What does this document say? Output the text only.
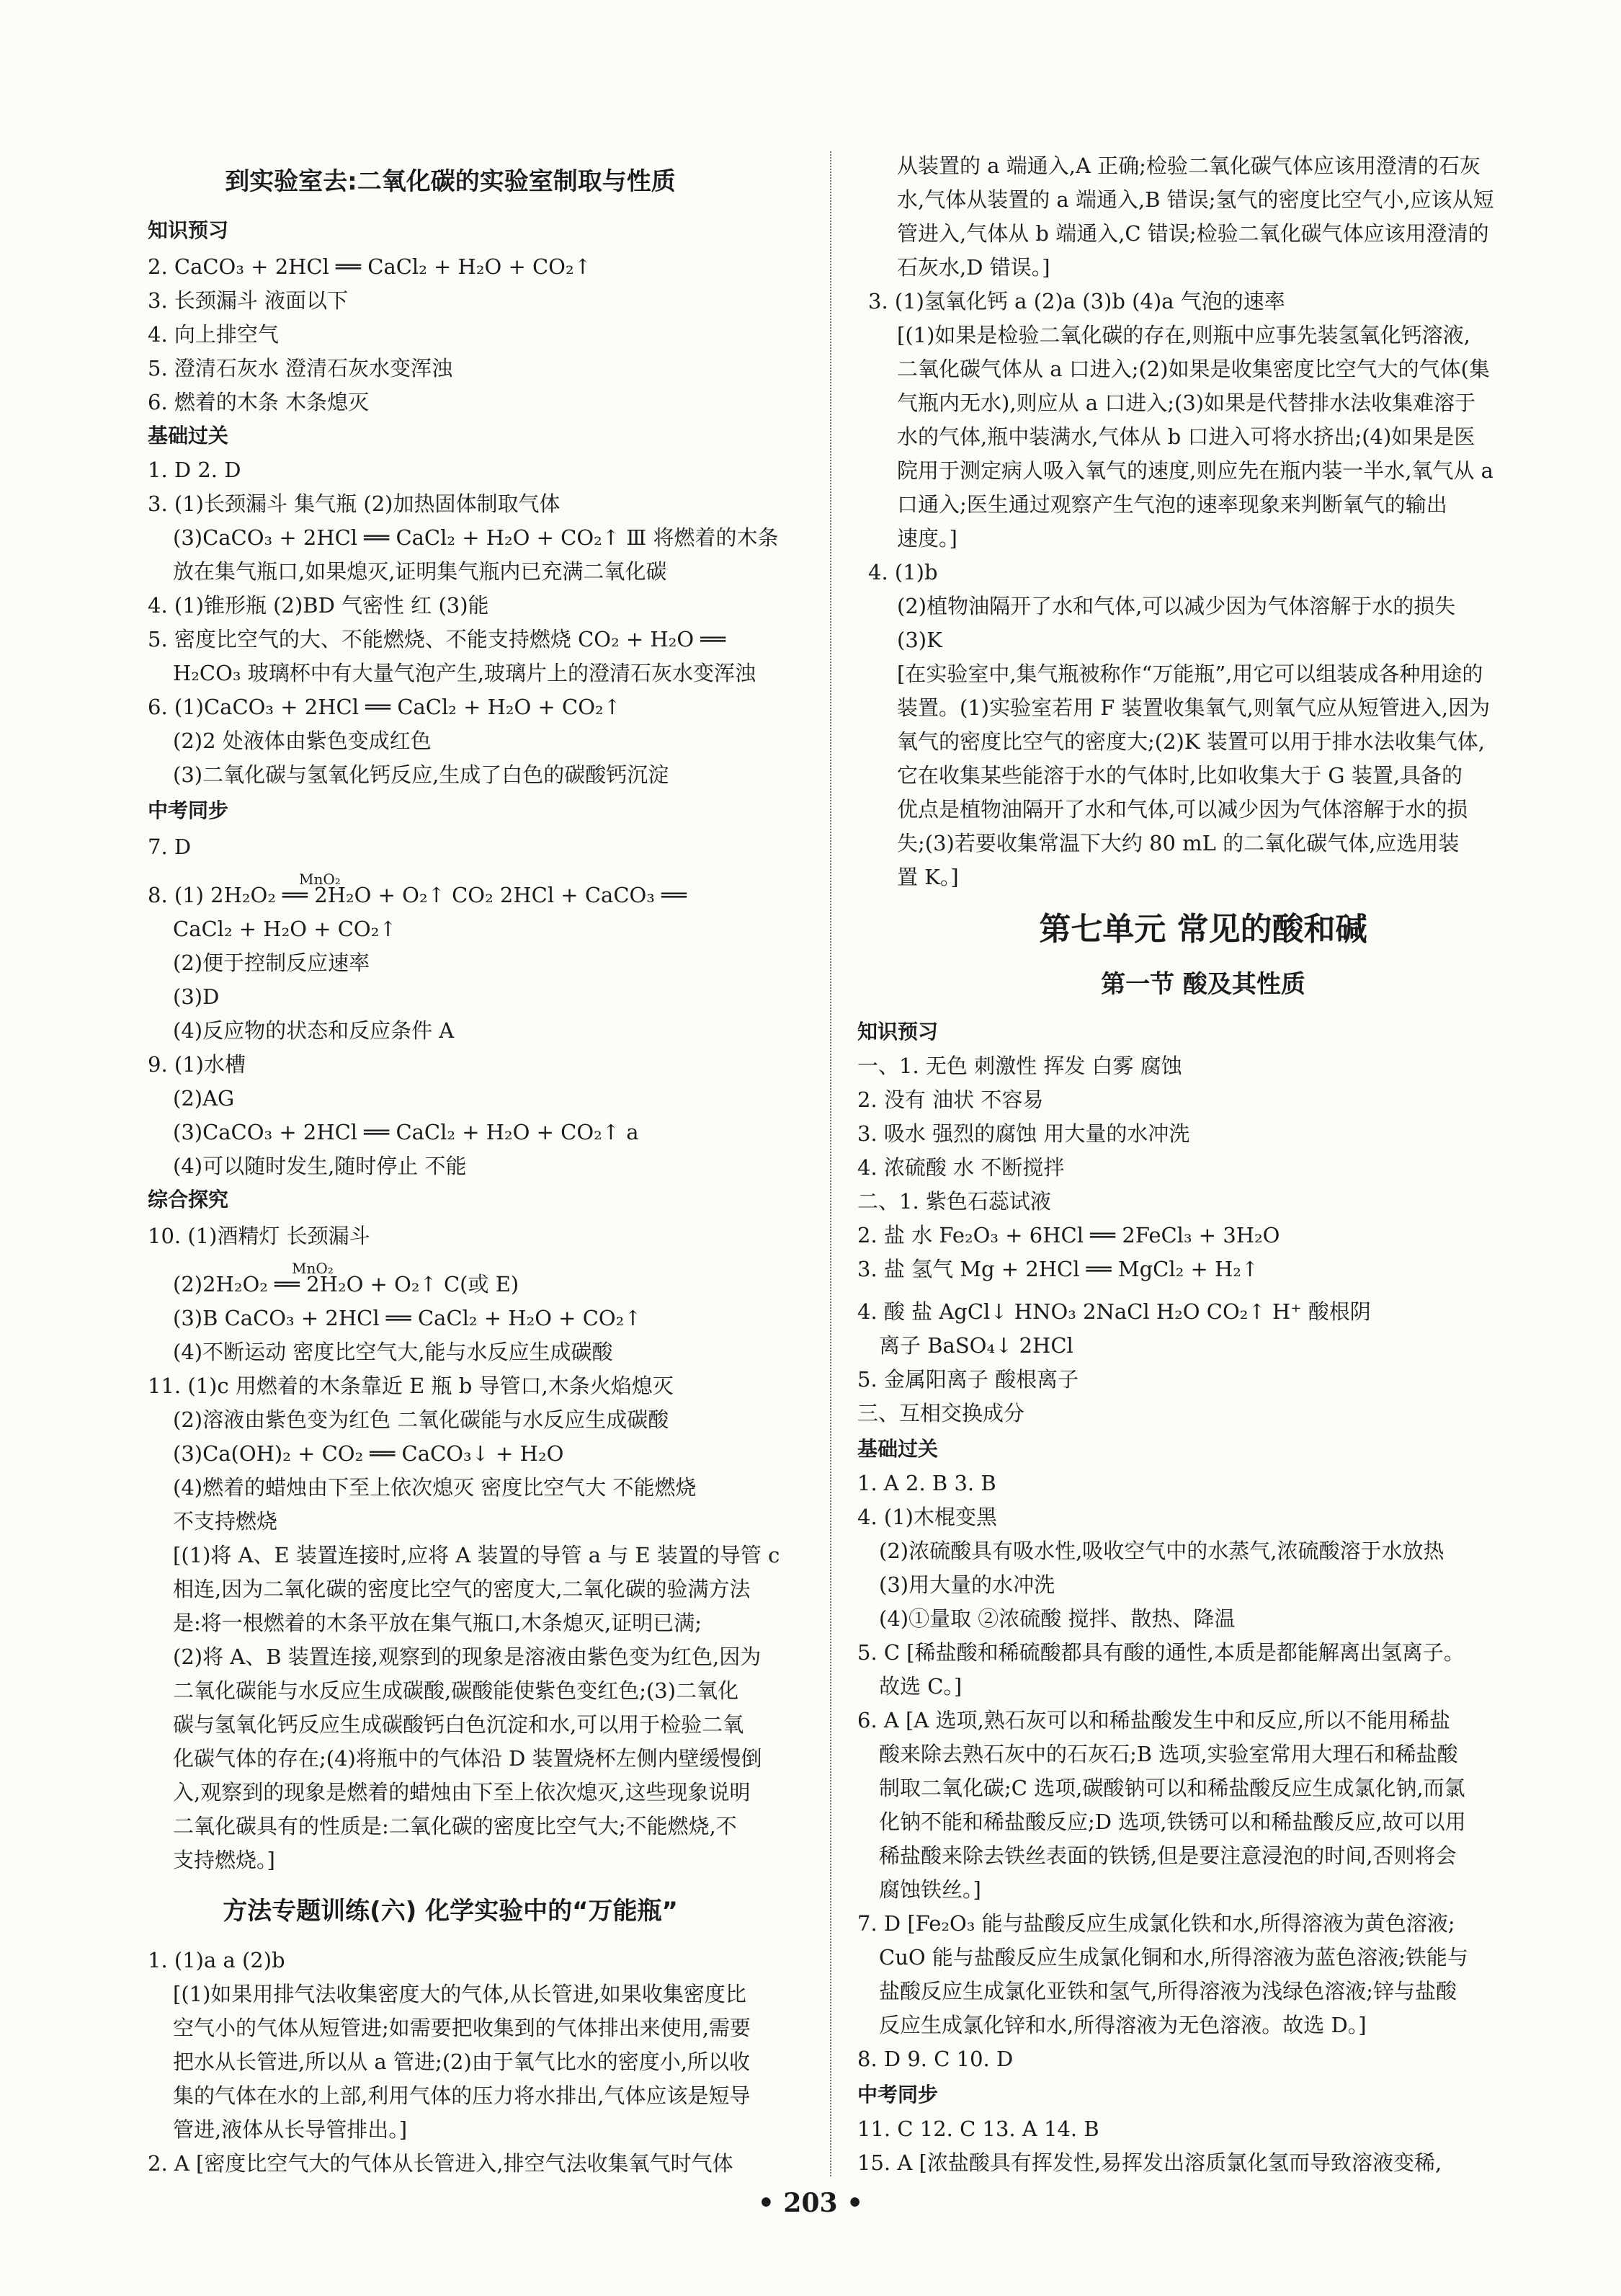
到实验室去:二氧化碳的实验室制取与性质
知识预习
2. CaCO₃ + 2HCl ══ CaCl₂ + H₂O + CO₂↑
3. 长颈漏斗 液面以下
4. 向上排空气
5. 澄清石灰水 澄清石灰水变浑浊
6. 燃着的木条 木条熄灭
基础过关
1. D 2. D
3. (1)长颈漏斗 集气瓶 (2)加热固体制取气体
(3)CaCO₃ + 2HCl ══ CaCl₂ + H₂O + CO₂↑ Ⅲ 将燃着的木条
放在集气瓶口,如果熄灭,证明集气瓶内已充满二氧化碳
4. (1)锥形瓶 (2)BD 气密性 红 (3)能
5. 密度比空气的大、不能燃烧、不能支持燃烧 CO₂ + H₂O ══
H₂CO₃ 玻璃杯中有大量气泡产生,玻璃片上的澄清石灰水变浑浊
6. (1)CaCO₃ + 2HCl ══ CaCl₂ + H₂O + CO₂↑
(2)2 处液体由紫色变成红色
(3)二氧化碳与氢氧化钙反应,生成了白色的碳酸钙沉淀
中考同步
7. D
MnO₂
8. (1) 2H₂O₂ ══ 2H₂O + O₂↑ CO₂ 2HCl + CaCO₃ ══
CaCl₂ + H₂O + CO₂↑
(2)便于控制反应速率
(3)D
(4)反应物的状态和反应条件 A
9. (1)水槽
(2)AG
(3)CaCO₃ + 2HCl ══ CaCl₂ + H₂O + CO₂↑ a
(4)可以随时发生,随时停止 不能
综合探究
10. (1)酒精灯 长颈漏斗
MnO₂
(2)2H₂O₂ ══ 2H₂O + O₂↑ C(或 E)
(3)B CaCO₃ + 2HCl ══ CaCl₂ + H₂O + CO₂↑
(4)不断运动 密度比空气大,能与水反应生成碳酸
11. (1)c 用燃着的木条靠近 E 瓶 b 导管口,木条火焰熄灭
(2)溶液由紫色变为红色 二氧化碳能与水反应生成碳酸
(3)Ca(OH)₂ + CO₂ ══ CaCO₃↓ + H₂O
(4)燃着的蜡烛由下至上依次熄灭 密度比空气大 不能燃烧
不支持燃烧
[(1)将 A、E 装置连接时,应将 A 装置的导管 a 与 E 装置的导管 c
相连,因为二氧化碳的密度比空气的密度大,二氧化碳的验满方法
是:将一根燃着的木条平放在集气瓶口,木条熄灭,证明已满;
(2)将 A、B 装置连接,观察到的现象是溶液由紫色变为红色,因为
二氧化碳能与水反应生成碳酸,碳酸能使紫色变红色;(3)二氧化
碳与氢氧化钙反应生成碳酸钙白色沉淀和水,可以用于检验二氧
化碳气体的存在;(4)将瓶中的气体沿 D 装置烧杯左侧内壁缓慢倒
入,观察到的现象是燃着的蜡烛由下至上依次熄灭,这些现象说明
二氧化碳具有的性质是:二氧化碳的密度比空气大;不能燃烧,不
支持燃烧。]
方法专题训练(六) 化学实验中的“万能瓶”
1. (1)a a (2)b
[(1)如果用排气法收集密度大的气体,从长管进,如果收集密度比
空气小的气体从短管进;如需要把收集到的气体排出来使用,需要
把水从长管进,所以从 a 管进;(2)由于氧气比水的密度小,所以收
集的气体在水的上部,利用气体的压力将水排出,气体应该是短导
管进,液体从长导管排出。]
2. A [密度比空气大的气体从长管进入,排空气法收集氧气时气体
从装置的 a 端通入,A 正确;检验二氧化碳气体应该用澄清的石灰
水,气体从装置的 a 端通入,B 错误;氢气的密度比空气小,应该从短
管进入,气体从 b 端通入,C 错误;检验二氧化碳气体应该用澄清的
石灰水,D 错误。]
3. (1)氢氧化钙 a (2)a (3)b (4)a 气泡的速率
[(1)如果是检验二氧化碳的存在,则瓶中应事先装氢氧化钙溶液,
二氧化碳气体从 a 口进入;(2)如果是收集密度比空气大的气体(集
气瓶内无水),则应从 a 口进入;(3)如果是代替排水法收集难溶于
水的气体,瓶中装满水,气体从 b 口进入可将水挤出;(4)如果是医
院用于测定病人吸入氧气的速度,则应先在瓶内装一半水,氧气从 a
口通入;医生通过观察产生气泡的速率现象来判断氧气的输出
速度。]
4. (1)b
(2)植物油隔开了水和气体,可以减少因为气体溶解于水的损失
(3)K
[在实验室中,集气瓶被称作“万能瓶”,用它可以组装成各种用途的
装置。(1)实验室若用 F 装置收集氧气,则氧气应从短管进入,因为
氧气的密度比空气的密度大;(2)K 装置可以用于排水法收集气体,
它在收集某些能溶于水的气体时,比如收集大于 G 装置,具备的
优点是植物油隔开了水和气体,可以减少因为气体溶解于水的损
失;(3)若要收集常温下大约 80 mL 的二氧化碳气体,应选用装
置 K。]
第七单元 常见的酸和碱
第一节 酸及其性质
知识预习
一、1. 无色 刺激性 挥发 白雾 腐蚀
2. 没有 油状 不容易
3. 吸水 强烈的腐蚀 用大量的水冲洗
4. 浓硫酸 水 不断搅拌
二、1. 紫色石蕊试液
2. 盐 水 Fe₂O₃ + 6HCl ══ 2FeCl₃ + 3H₂O
3. 盐 氢气 Mg + 2HCl ══ MgCl₂ + H₂↑
4. 酸 盐 AgCl↓ HNO₃ 2NaCl H₂O CO₂↑ H⁺ 酸根阴
离子 BaSO₄↓ 2HCl
5. 金属阳离子 酸根离子
三、互相交换成分
基础过关
1. A 2. B 3. B
4. (1)木棍变黑
(2)浓硫酸具有吸水性,吸收空气中的水蒸气,浓硫酸溶于水放热
(3)用大量的水冲洗
(4)①量取 ②浓硫酸 搅拌、散热、降温
5. C [稀盐酸和稀硫酸都具有酸的通性,本质是都能解离出氢离子。
故选 C。]
6. A [A 选项,熟石灰可以和稀盐酸发生中和反应,所以不能用稀盐
酸来除去熟石灰中的石灰石;B 选项,实验室常用大理石和稀盐酸
制取二氧化碳;C 选项,碳酸钠可以和稀盐酸反应生成氯化钠,而氯
化钠不能和稀盐酸反应;D 选项,铁锈可以和稀盐酸反应,故可以用
稀盐酸来除去铁丝表面的铁锈,但是要注意浸泡的时间,否则将会
腐蚀铁丝。]
7. D [Fe₂O₃ 能与盐酸反应生成氯化铁和水,所得溶液为黄色溶液;
CuO 能与盐酸反应生成氯化铜和水,所得溶液为蓝色溶液;铁能与
盐酸反应生成氯化亚铁和氢气,所得溶液为浅绿色溶液;锌与盐酸
反应生成氯化锌和水,所得溶液为无色溶液。故选 D。]
8. D 9. C 10. D
中考同步
11. C 12. C 13. A 14. B
15. A [浓盐酸具有挥发性,易挥发出溶质氯化氢而导致溶液变稀,
• 203 •
